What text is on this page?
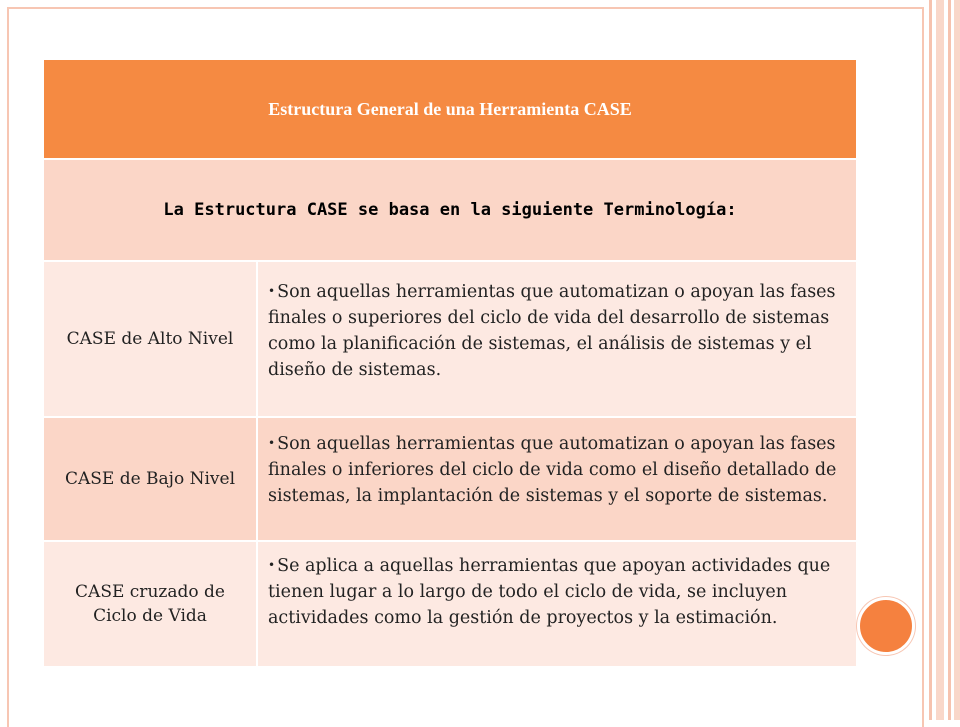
Estructura General de una Herramienta CASE
La Estructura CASE se basa en la siguiente Terminología:
CASE de Alto Nivel
• Son aquellas herramientas que automatizan o apoyan las fases finales o superiores del ciclo de vida del desarrollo de sistemas como la planificación de sistemas, el análisis de sistemas y el diseño de sistemas.
CASE de Bajo Nivel
• Son aquellas herramientas que automatizan o apoyan las fases finales o inferiores del ciclo de vida como el diseño detallado de sistemas, la implantación de sistemas y el soporte de sistemas.
CASE cruzado de Ciclo de Vida
• Se aplica a aquellas herramientas que apoyan actividades que tienen lugar a lo largo de todo el ciclo de vida, se incluyen actividades como la gestión de proyectos y la estimación.
